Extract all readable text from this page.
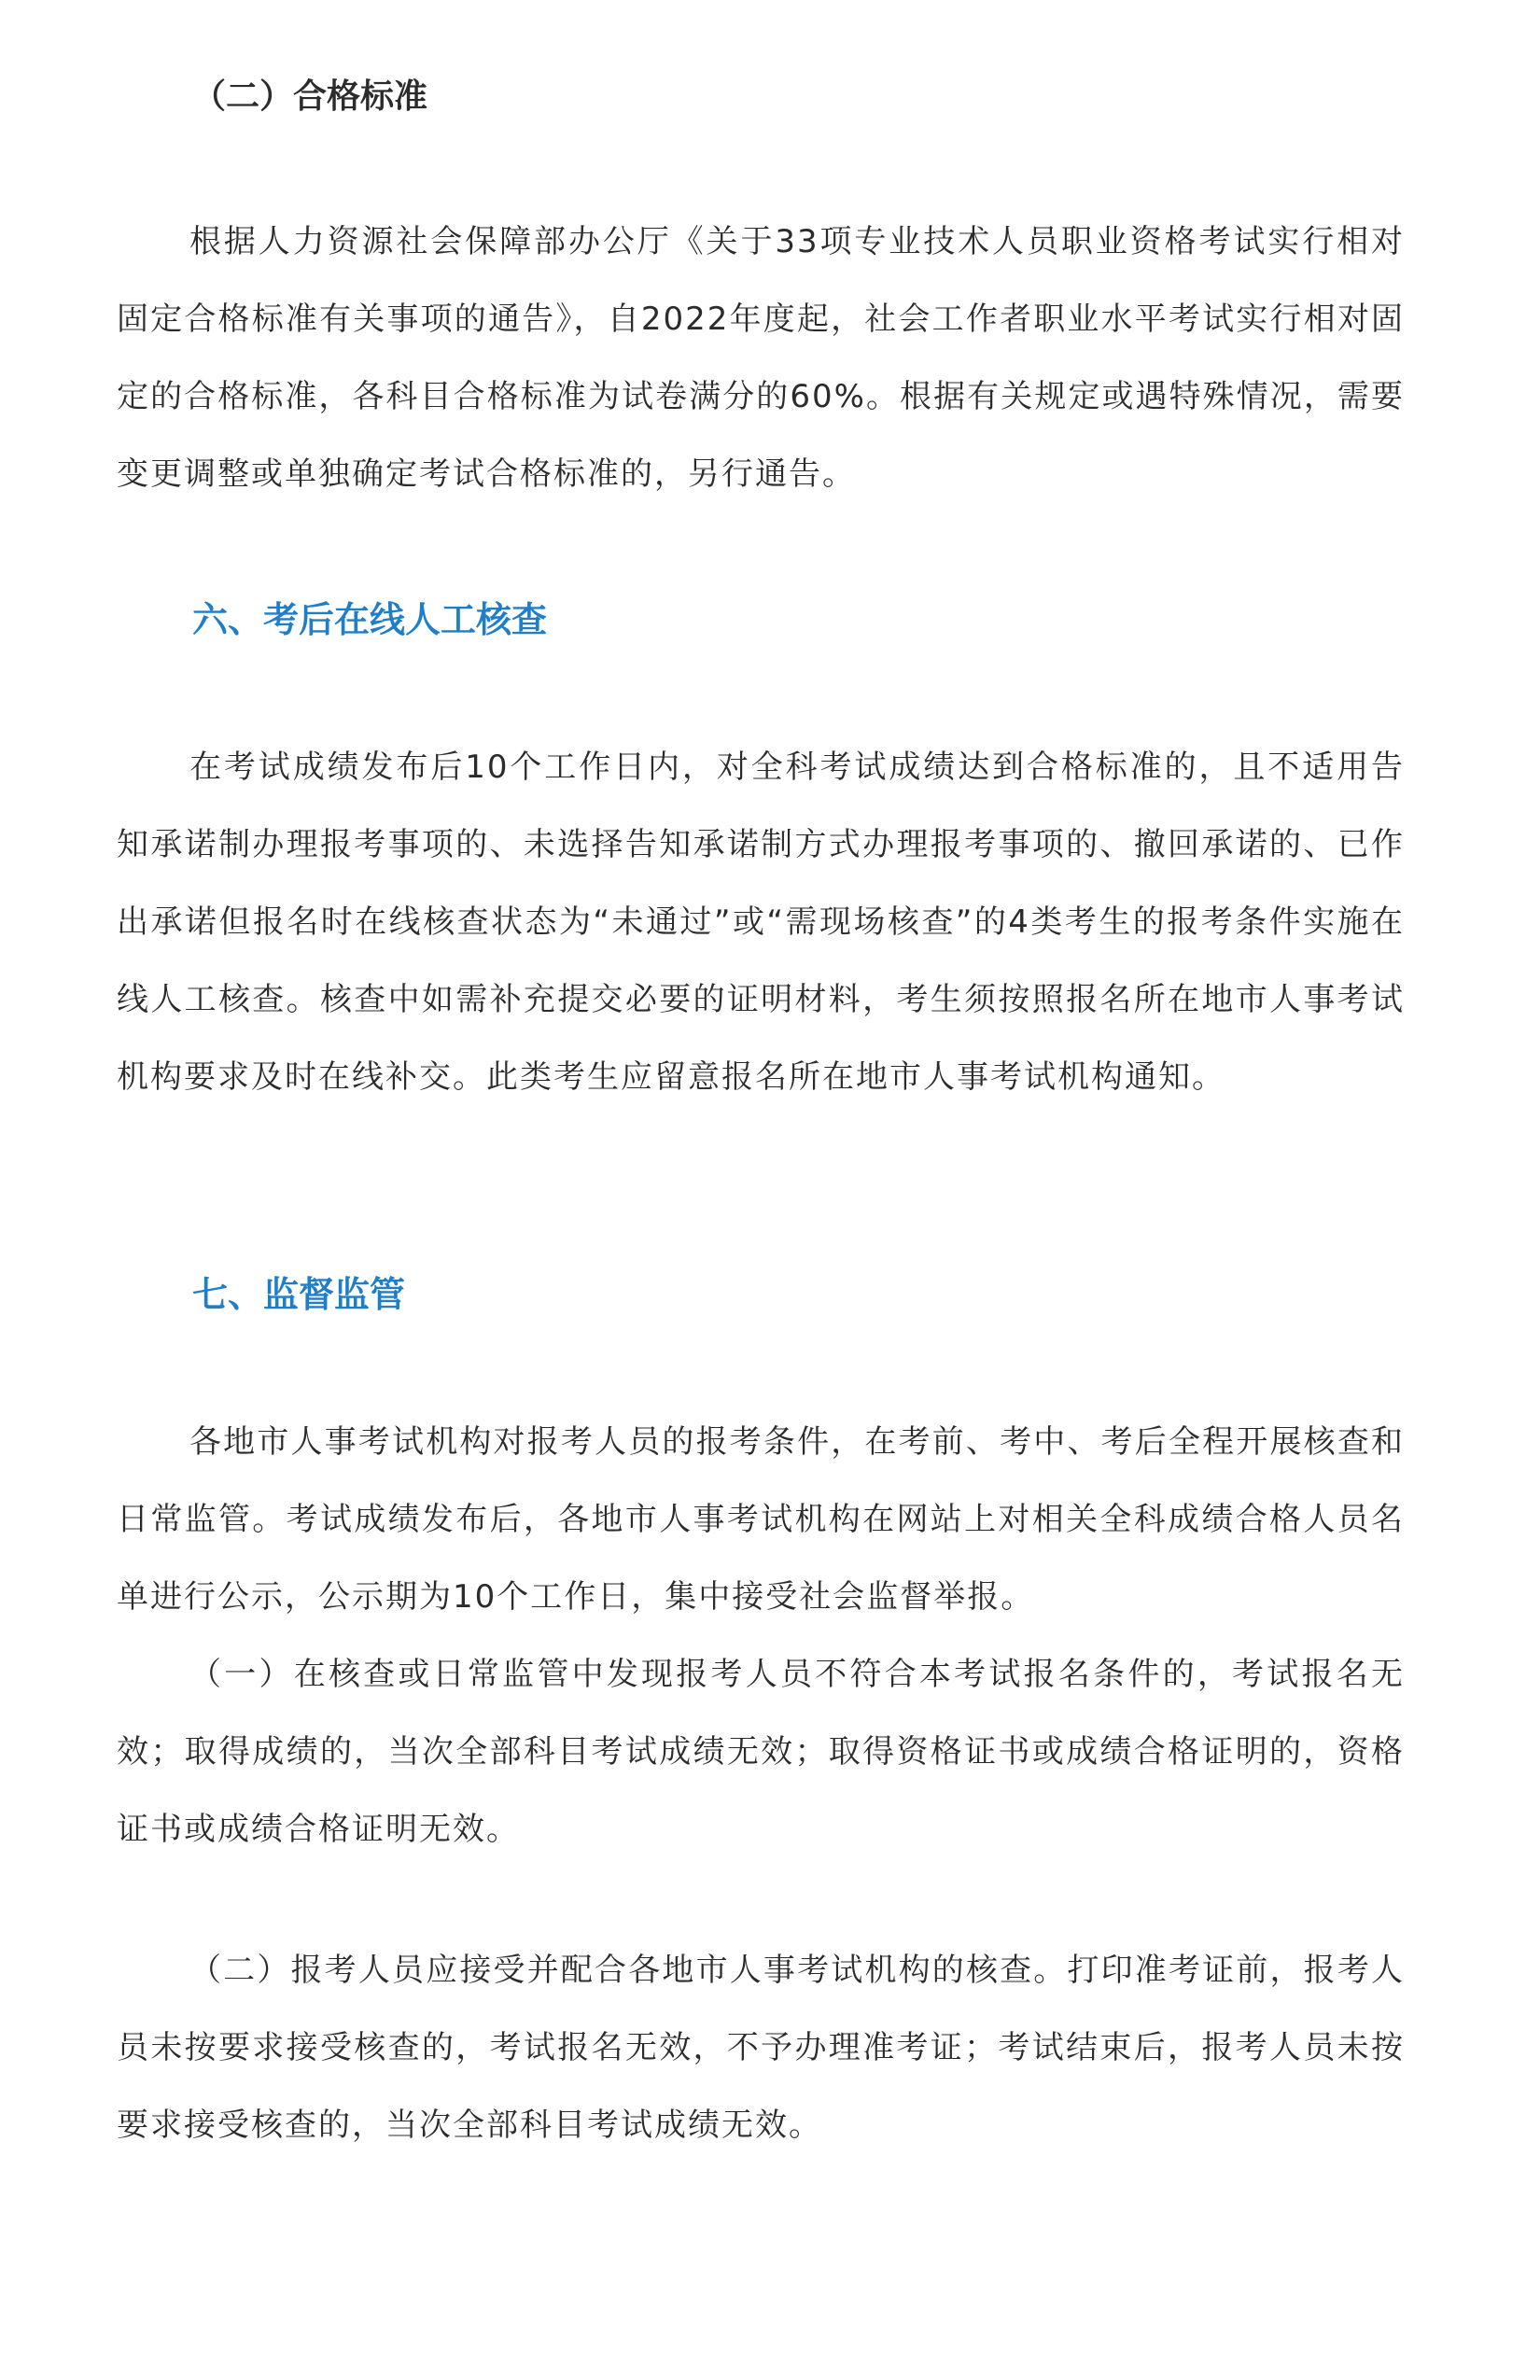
（二）合格标准

根据人力资源社会保障部办公厅《关于33项专业技术人员职业资格考试实行相对固定合格标准有关事项的通告》，自2022年度起，社会工作者职业水平考试实行相对固定的合格标准，各科目合格标准为试卷满分的60%。根据有关规定或遇特殊情况，需要变更调整或单独确定考试合格标准的，另行通告。

六、考后在线人工核查

在考试成绩发布后10个工作日内，对全科考试成绩达到合格标准的，且不适用告知承诺制办理报考事项的、未选择告知承诺制方式办理报考事项的、撤回承诺的、已作出承诺但报名时在线核查状态为“未通过”或“需现场核查”的4类考生的报考条件实施在线人工核查。核查中如需补充提交必要的证明材料，考生须按照报名所在地市人事考试机构要求及时在线补交。此类考生应留意报名所在地市人事考试机构通知。

七、监督监管

各地市人事考试机构对报考人员的报考条件，在考前、考中、考后全程开展核查和日常监管。考试成绩发布后，各地市人事考试机构在网站上对相关全科成绩合格人员名单进行公示，公示期为10个工作日，集中接受社会监督举报。

（一）在核查或日常监管中发现报考人员不符合本考试报名条件的，考试报名无效；取得成绩的，当次全部科目考试成绩无效；取得资格证书或成绩合格证明的，资格证书或成绩合格证明无效。

（二）报考人员应接受并配合各地市人事考试机构的核查。打印准考证前，报考人员未按要求接受核查的，考试报名无效，不予办理准考证；考试结束后，报考人员未按要求接受核查的，当次全部科目考试成绩无效。
